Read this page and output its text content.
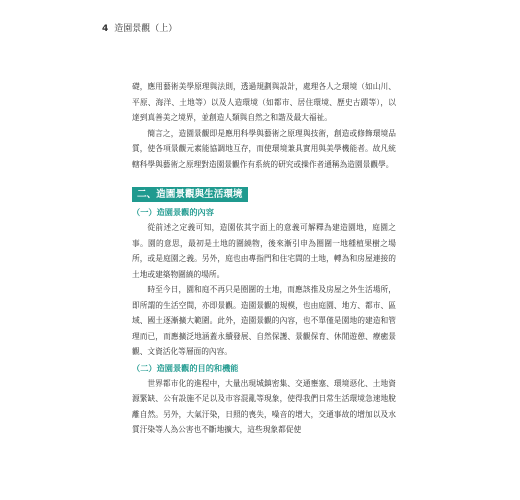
4 造園景觀（上）

礎，應用藝術美學原理與法則，透過規劃與設計，處理各人之環境（如山川、平原、海洋、土地等）以及人造環境（如都市、居住環境、歷史古蹟等），以達到真善美之境界，並創造人類與自然之和諧及最大福祉。

簡言之，造園景觀即是應用科學與藝術之原理與技術，創造或修飾環境品質，使各項景觀元素能協調地互存，而使環境兼具實用與美學機能者。故凡統轄科學與藝術之原理對造園景觀作有系統的研究或操作者通稱為造園景觀學。

二、造園景觀與生活環境

（一）造園景觀的內容

從前述之定義可知，造園依其字面上的意義可解釋為建造園地，庭園之事。園的意思，最初是土地的圍繞物，後來漸引申為圈圍一地種植果樹之場所，或是庭園之義。另外，庭也由專指門和住宅間的土地，轉為和房屋連接的土地或建築物圍繞的場所。

時至今日，園和庭不再只是圈圍的土地，而應該推及房屋之外生活場所，即所謂的生活空間，亦即景觀。造園景觀的規模，也由庭園、地方、都市、區域、國土逐漸擴大範圍。此外，造園景觀的內容，也不單僅是園地的建造和管理而已，而應擴泛地涵蓋永續發展、自然保護、景觀保育、休閒遊憩、療癒景觀、文資活化等層面的內容。

（二）造園景觀的目的和機能

世界都市化的進程中，大量出現城鎮密集、交通壅塞、環境惡化、土地資源緊缺、公有設施不足以及市容混亂等現象，使得我們日常生活環境急速地脫離自然。另外，大氣汙染，日照的喪失，噪音的增大，交通事故的增加以及水質汙染等人為公害也不斷地擴大，這些現象都促使
